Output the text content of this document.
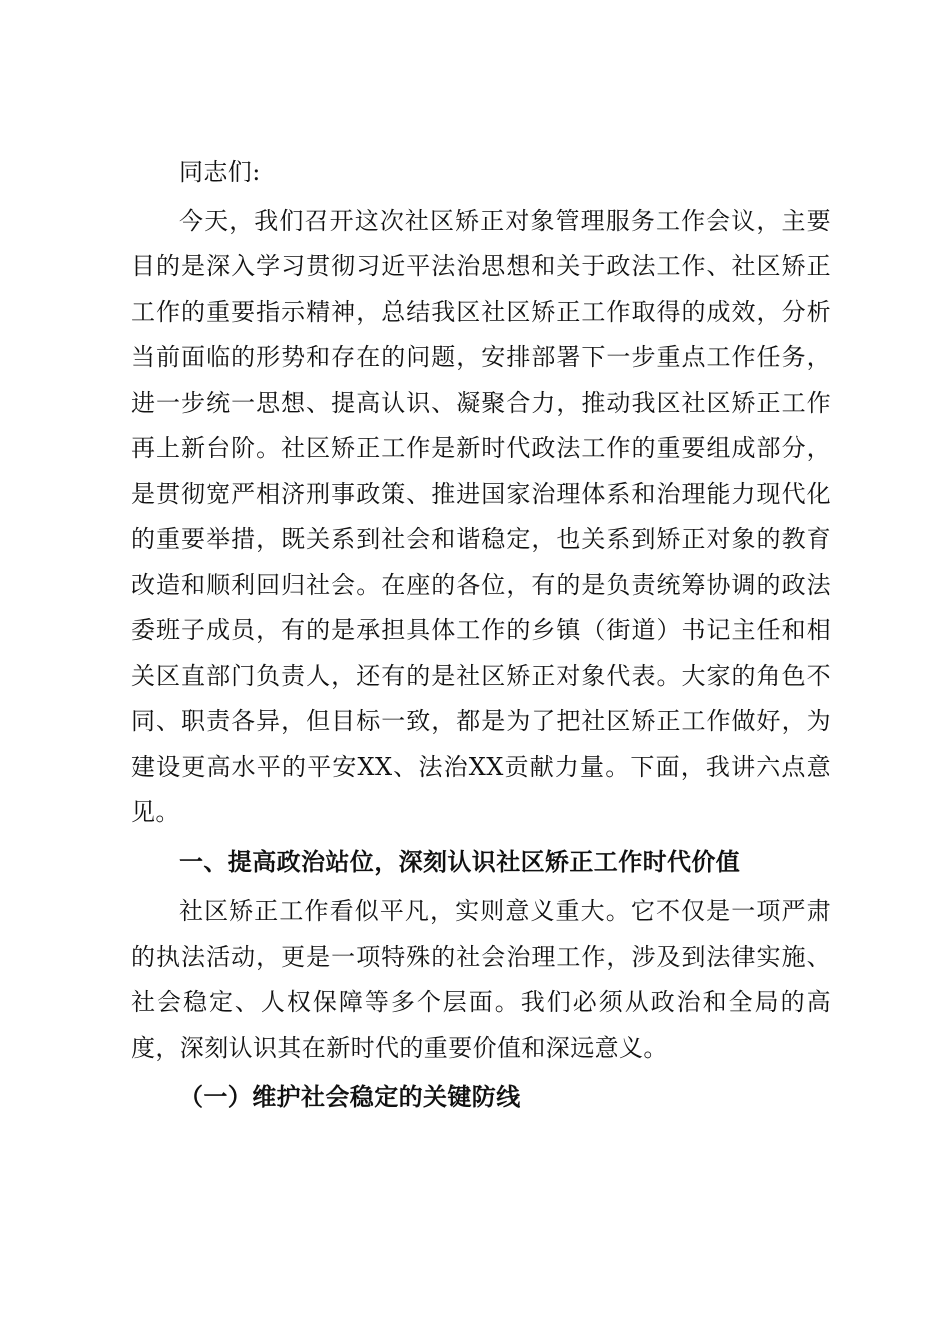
同志们:

今天，我们召开这次社区矫正对象管理服务工作会议，主要目的是深入学习贯彻习近平法治思想和关于政法工作、社区矫正工作的重要指示精神，总结我区社区矫正工作取得的成效，分析当前面临的形势和存在的问题，安排部署下一步重点工作任务，进一步统一思想、提高认识、凝聚合力，推动我区社区矫正工作再上新台阶。社区矫正工作是新时代政法工作的重要组成部分，是贯彻宽严相济刑事政策、推进国家治理体系和治理能力现代化的重要举措，既关系到社会和谐稳定，也关系到矫正对象的教育改造和顺利回归社会。在座的各位，有的是负责统筹协调的政法委班子成员，有的是承担具体工作的乡镇（街道）书记主任和相关区直部门负责人，还有的是社区矫正对象代表。大家的角色不同、职责各异，但目标一致，都是为了把社区矫正工作做好，为建设更高水平的平安XX、法治XX贡献力量。下面，我讲六点意见。

一、提高政治站位，深刻认识社区矫正工作时代价值

社区矫正工作看似平凡，实则意义重大。它不仅是一项严肃的执法活动，更是一项特殊的社会治理工作，涉及到法律实施、社会稳定、人权保障等多个层面。我们必须从政治和全局的高度，深刻认识其在新时代的重要价值和深远意义。

（一）维护社会稳定的关键防线
